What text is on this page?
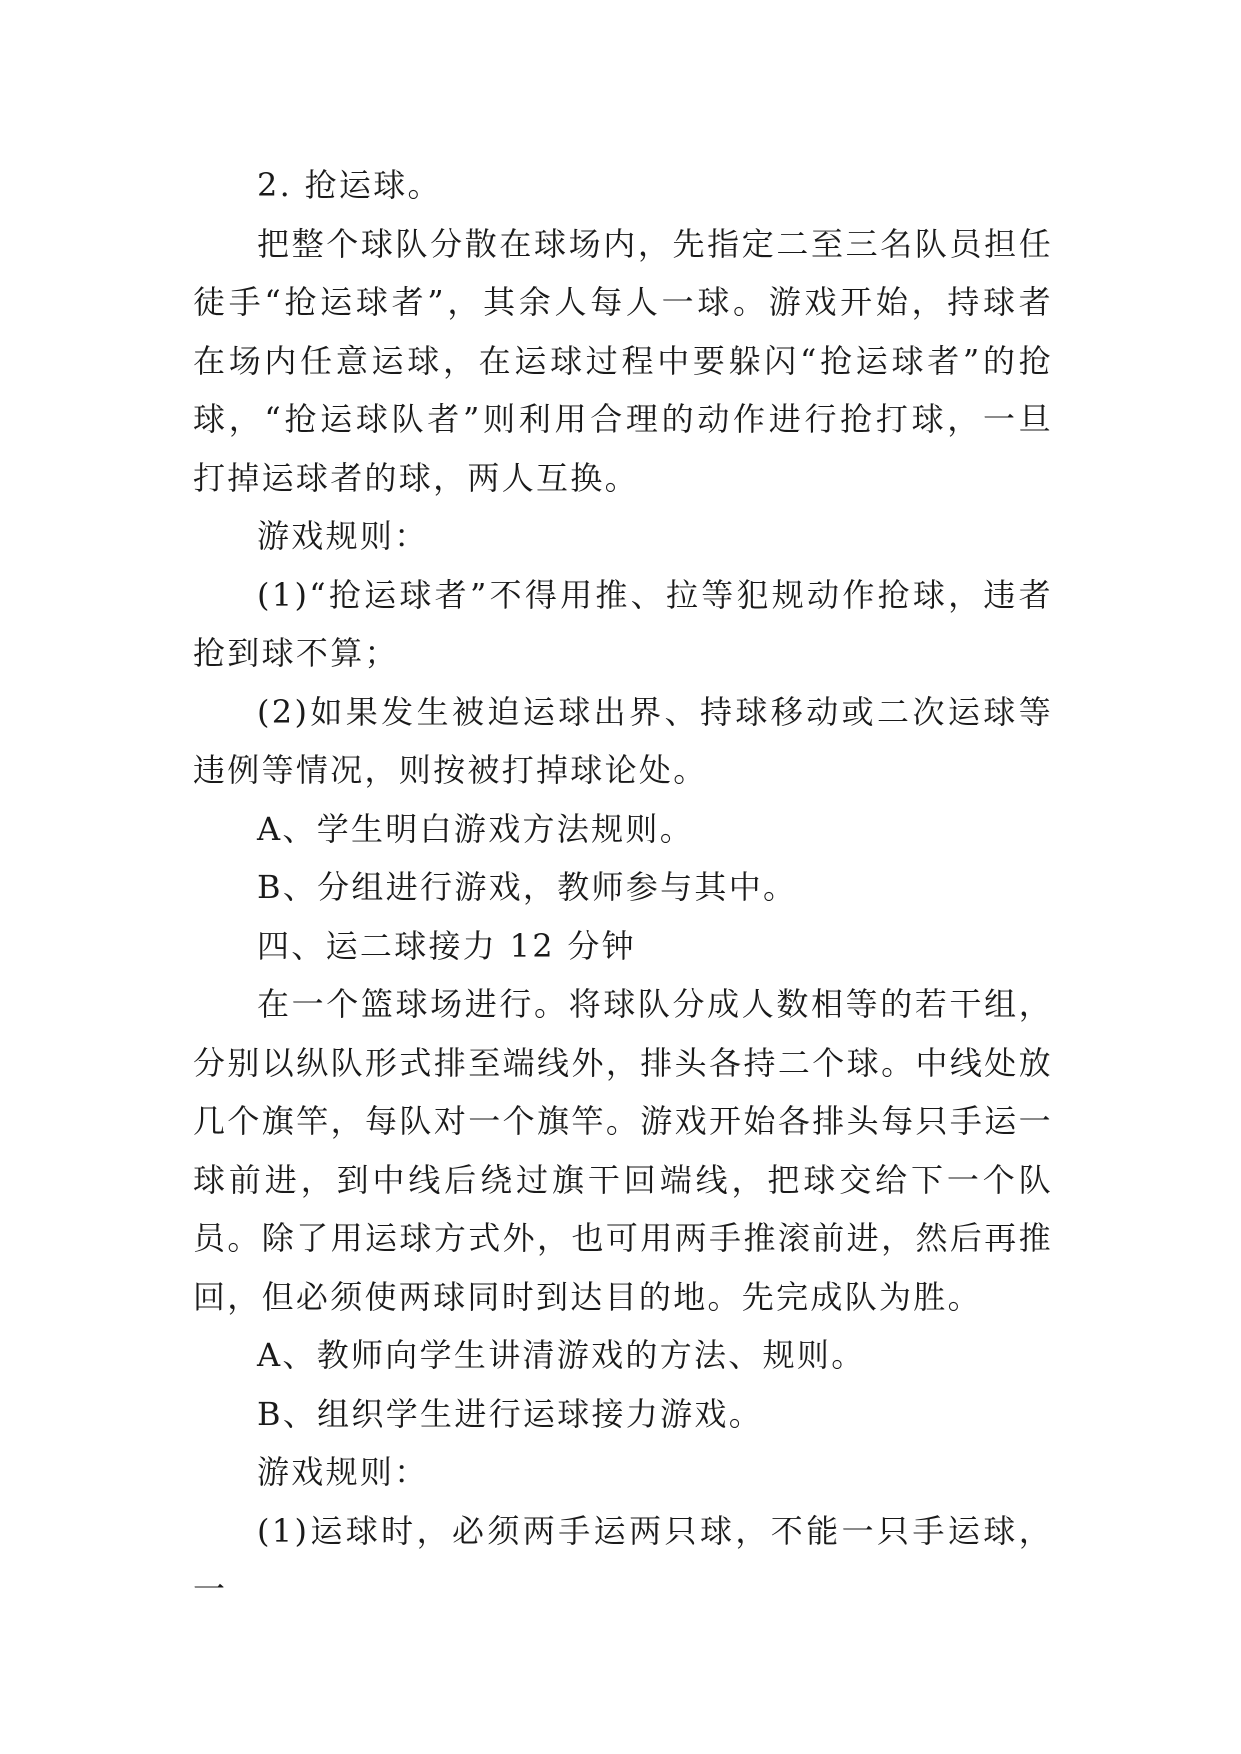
2. 抢运球。

把整个球队分散在球场内，先指定二至三名队员担任徒手“抢运球者”，其余人每人一球。游戏开始，持球者在场内任意运球，在运球过程中要躲闪“抢运球者”的抢球，“抢运球队者”则利用合理的动作进行抢打球，一旦打掉运球者的球，两人互换。

游戏规则：

(1)“抢运球者”不得用推、拉等犯规动作抢球，违者抢到球不算；

(2)如果发生被迫运球出界、持球移动或二次运球等违例等情况，则按被打掉球论处。

A、学生明白游戏方法规则。

B、分组进行游戏，教师参与其中。

四、运二球接力 12 分钟

在一个篮球场进行。将球队分成人数相等的若干组，分别以纵队形式排至端线外，排头各持二个球。中线处放几个旗竿，每队对一个旗竿。游戏开始各排头每只手运一球前进，到中线后绕过旗干回端线，把球交给下一个队员。除了用运球方式外，也可用两手推滚前进，然后再推回，但必须使两球同时到达目的地。先完成队为胜。

A、教师向学生讲清游戏的方法、规则。

B、组织学生进行运球接力游戏。

游戏规则：

(1)运球时，必须两手运两只球，不能一只手运球，一
